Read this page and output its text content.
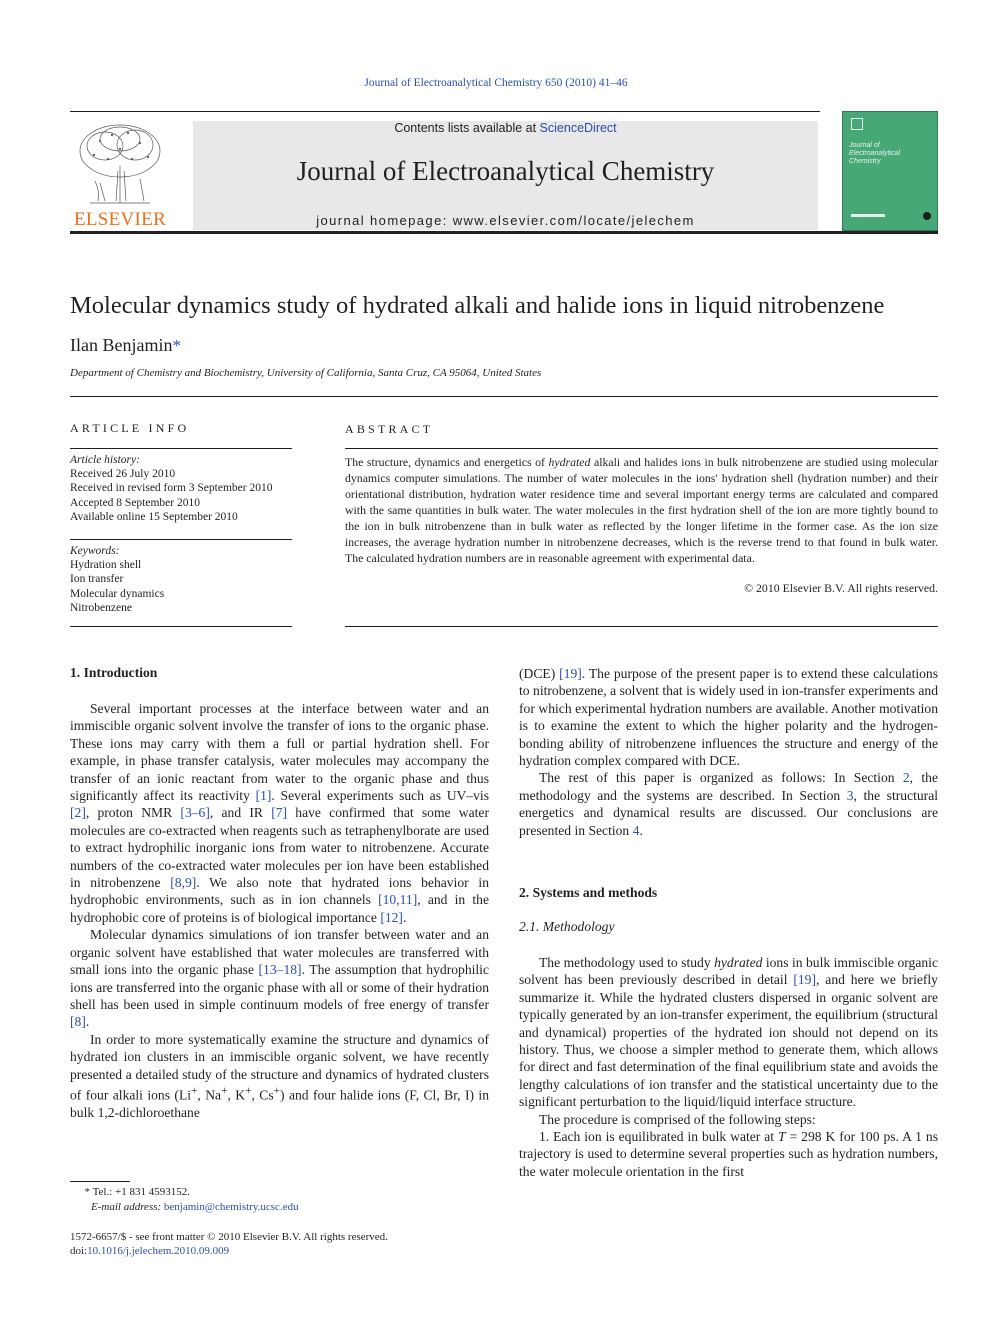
Journal of Electroanalytical Chemistry 650 (2010) 41–46
ELSEVIER
Contents lists available at ScienceDirect
Journal of Electroanalytical Chemistry
journal homepage: www.elsevier.com/locate/jelechem
Journal of Electroanalytical Chemistry
Molecular dynamics study of hydrated alkali and halide ions in liquid nitrobenzene
Ilan Benjamin*
Department of Chemistry and Biochemistry, University of California, Santa Cruz, CA 95064, United States
ARTICLE INFO
Article history:
Received 26 July 2010
Received in revised form 3 September 2010
Accepted 8 September 2010
Available online 15 September 2010
Keywords:
Hydration shell
Ion transfer
Molecular dynamics
Nitrobenzene
ABSTRACT
The structure, dynamics and energetics of hydrated alkali and halides ions in bulk nitrobenzene are studied using molecular dynamics computer simulations. The number of water molecules in the ions' hydration shell (hydration number) and their orientational distribution, hydration water residence time and several important energy terms are calculated and compared with the same quantities in bulk water. The water molecules in the first hydration shell of the ion are more tightly bound to the ion in bulk nitrobenzene than in bulk water as reflected by the longer lifetime in the former case. As the ion size increases, the average hydration number in nitrobenzene decreases, which is the reverse trend to that found in bulk water. The calculated hydration numbers are in reasonable agreement with experimental data.
© 2010 Elsevier B.V. All rights reserved.
1. Introduction

Several important processes at the interface between water and an immiscible organic solvent involve the transfer of ions to the organic phase. These ions may carry with them a full or partial hydration shell. For example, in phase transfer catalysis, water molecules may accompany the transfer of an ionic reactant from water to the organic phase and thus significantly affect its reactivity [1]. Several experiments such as UV–vis [2], proton NMR [3–6], and IR [7] have confirmed that some water molecules are co-extracted when reagents such as tetraphenylborate are used to extract hydrophilic inorganic ions from water to nitrobenzene. Accurate numbers of the co-extracted water molecules per ion have been established in nitrobenzene [8,9]. We also note that hydrated ions behavior in hydrophobic environments, such as in ion channels [10,11], and in the hydrophobic core of proteins is of biological importance [12].

Molecular dynamics simulations of ion transfer between water and an organic solvent have established that water molecules are transferred with small ions into the organic phase [13–18]. The assumption that hydrophilic ions are transferred into the organic phase with all or some of their hydration shell has been used in simple continuum models of free energy of transfer [8].

In order to more systematically examine the structure and dynamics of hydrated ion clusters in an immiscible organic solvent, we have recently presented a detailed study of the structure and dynamics of hydrated clusters of four alkali ions (Li+, Na+, K+, Cs+) and four halide ions (F, Cl, Br, I) in bulk 1,2-dichloroethane

* Tel.: +1 831 4593152.
E-mail address: benjamin@chemistry.ucsc.edu
1572-6657/$ - see front matter © 2010 Elsevier B.V. All rights reserved.
doi:10.1016/j.jelechem.2010.09.009

(DCE) [19]. The purpose of the present paper is to extend these calculations to nitrobenzene, a solvent that is widely used in ion-transfer experiments and for which experimental hydration numbers are available. Another motivation is to examine the extent to which the higher polarity and the hydrogen-bonding ability of nitrobenzene influences the structure and energy of the hydration complex compared with DCE.

The rest of this paper is organized as follows: In Section 2, the methodology and the systems are described. In Section 3, the structural energetics and dynamical results are discussed. Our conclusions are presented in Section 4.

2. Systems and methods
2.1. Methodology

The methodology used to study hydrated ions in bulk immiscible organic solvent has been previously described in detail [19], and here we briefly summarize it. While the hydrated clusters dispersed in organic solvent are typically generated by an ion-transfer experiment, the equilibrium (structural and dynamical) properties of the hydrated ion should not depend on its history. Thus, we choose a simpler method to generate them, which allows for direct and fast determination of the final equilibrium state and avoids the lengthy calculations of ion transfer and the statistical uncertainty due to the significant perturbation to the liquid/liquid interface structure.

The procedure is comprised of the following steps:

1. Each ion is equilibrated in bulk water at T = 298 K for 100 ps. A 1 ns trajectory is used to determine several properties such as hydration numbers, the water molecule orientation in the first
